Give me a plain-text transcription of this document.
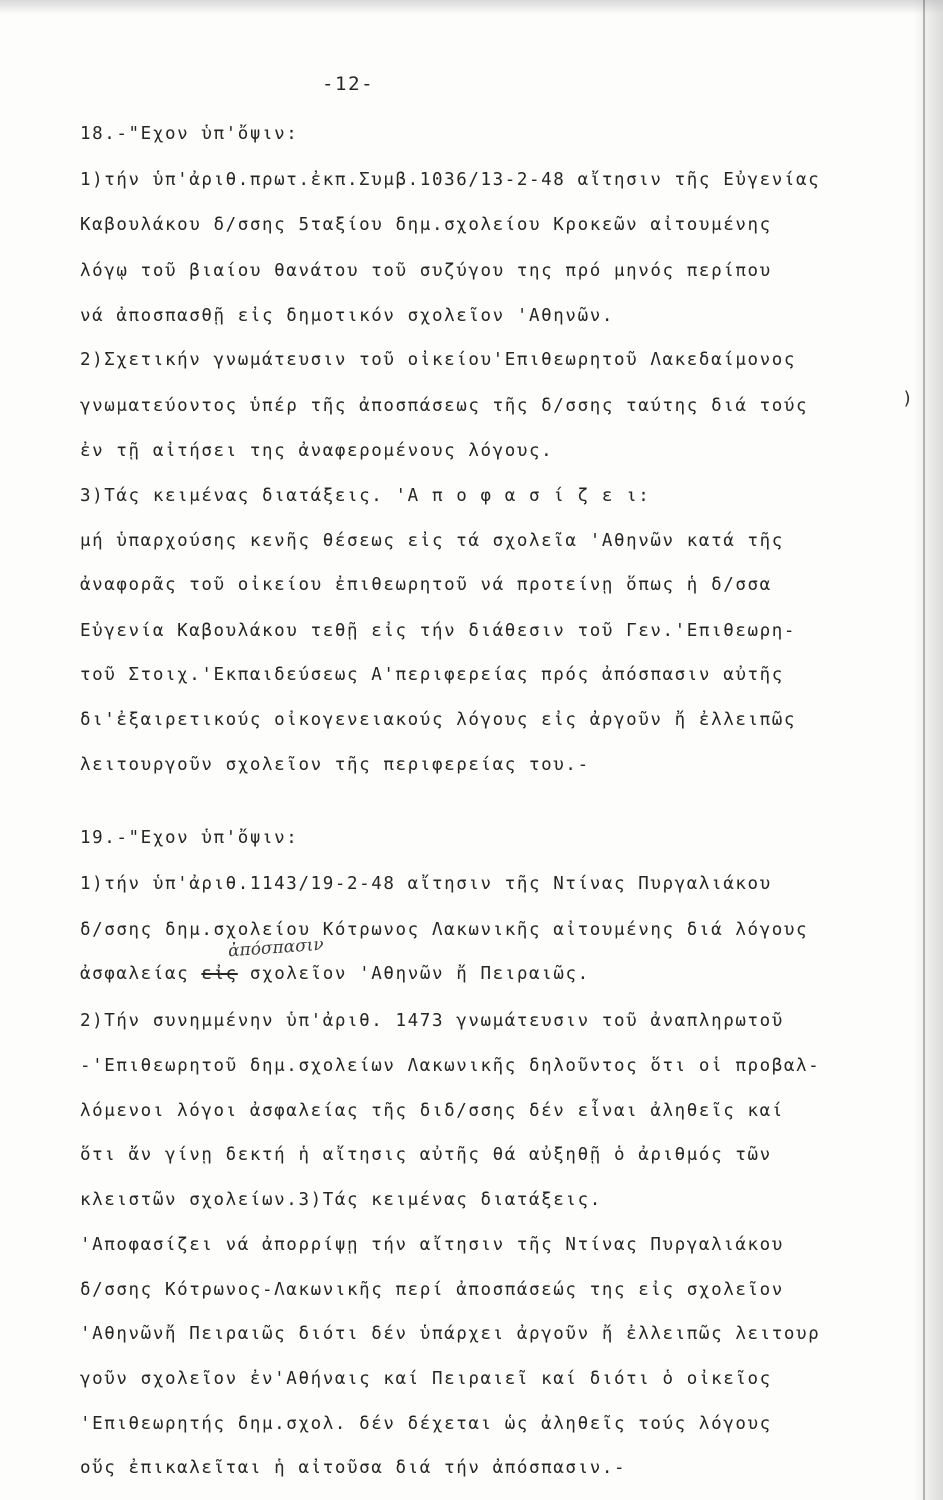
-12-
18.-"Εχον ὑπ'ὄψιν:
1)τήν ὑπ'ἀριθ.πρωτ.ἐκπ.Συμβ.1036/13-2-48 αἴτησιν τῆς Εὐγενίας
Καβουλάκου δ/σσης 5ταξίου δημ.σχολείου Κροκεῶν αἰτουμένης
λόγῳ τοῦ βιαίου θανάτου τοῦ συζύγου της πρό μηνός περίπου
νά ἀποσπασθῇ εἰς δημοτικόν σχολεῖον 'Αθηνῶν.
2)Σχετικήν γνωμάτευσιν τοῦ οἰκείου'Επιθεωρητοῦ Λακεδαίμονος
γνωματεύοντος ὑπέρ τῆς ἀποσπάσεως τῆς δ/σσης ταύτης διά τούς
ἐν τῇ αἰτήσει της ἀναφερομένους λόγους.
3)Τάς κειμένας διατάξεις. 'Α π ο φ α σ ί ζ ε ι:
μή ὑπαρχούσης κενῆς θέσεως εἰς τά σχολεῖα 'Αθηνῶν κατά τῆς
ἀναφορᾶς τοῦ οἰκείου ἐπιθεωρητοῦ νά προτείνῃ ὅπως ἡ δ/σσα
Εὐγενία Καβουλάκου τεθῇ εἰς τήν διάθεσιν τοῦ Γεν.'Επιθεωρη-
τοῦ Στοιχ.'Εκπαιδεύσεως Α'περιφερείας πρός ἀπόσπασιν αὐτῆς
δι'ἐξαιρετικούς οἰκογενειακούς λόγους εἰς ἀργοῦν ἤ ἐλλειπῶς
λειτουργοῦν σχολεῖον τῆς περιφερείας του.-
)
19.-"Εχον ὑπ'ὄψιν:
1)τήν ὑπ'ἀριθ.1143/19-2-48 αἴτησιν τῆς Ντίνας Πυργαλιάκου
δ/σσης δημ.σχολείου Κότρωνος Λακωνικῆς αἰτουμένης διά λόγους
ἀπόσπασιν
ἀσφαλείας εἰς σχολεῖον 'Αθηνῶν ἤ Πειραιῶς.
2)Τήν συνημμένην ὑπ'ἀριθ. 1473 γνωμάτευσιν τοῦ ἀναπληρωτοῦ
-'Επιθεωρητοῦ δημ.σχολείων Λακωνικῆς δηλοῦντος ὅτι οἱ προβαλ-
λόμενοι λόγοι ἀσφαλείας τῆς διδ/σσης δέν εἶναι ἀληθεῖς καί
ὅτι ἄν γίνῃ δεκτή ἡ αἴτησις αὐτῆς θά αὐξηθῇ ὁ ἀριθμός τῶν
κλειστῶν σχολείων.3)Τάς κειμένας διατάξεις.
'Αποφασίζει νά ἀπορρίψῃ τήν αἴτησιν τῆς Ντίνας Πυργαλιάκου
δ/σσης Κότρωνος-Λακωνικῆς περί ἀποσπάσεώς της εἰς σχολεῖον
'Αθηνῶνἤ Πειραιῶς διότι δέν ὑπάρχει ἀργοῦν ἤ ἐλλειπῶς λειτουρ
γοῦν σχολεῖον ἐν'Αθήναις καί Πειραιεῖ καί διότι ὁ οἰκεῖος
'Επιθεωρητής δημ.σχολ. δέν δέχεται ὡς ἀληθεῖς τούς λόγους
οὕς ἐπικαλεῖται ἡ αἰτοῦσα διά τήν ἀπόσπασιν.-
